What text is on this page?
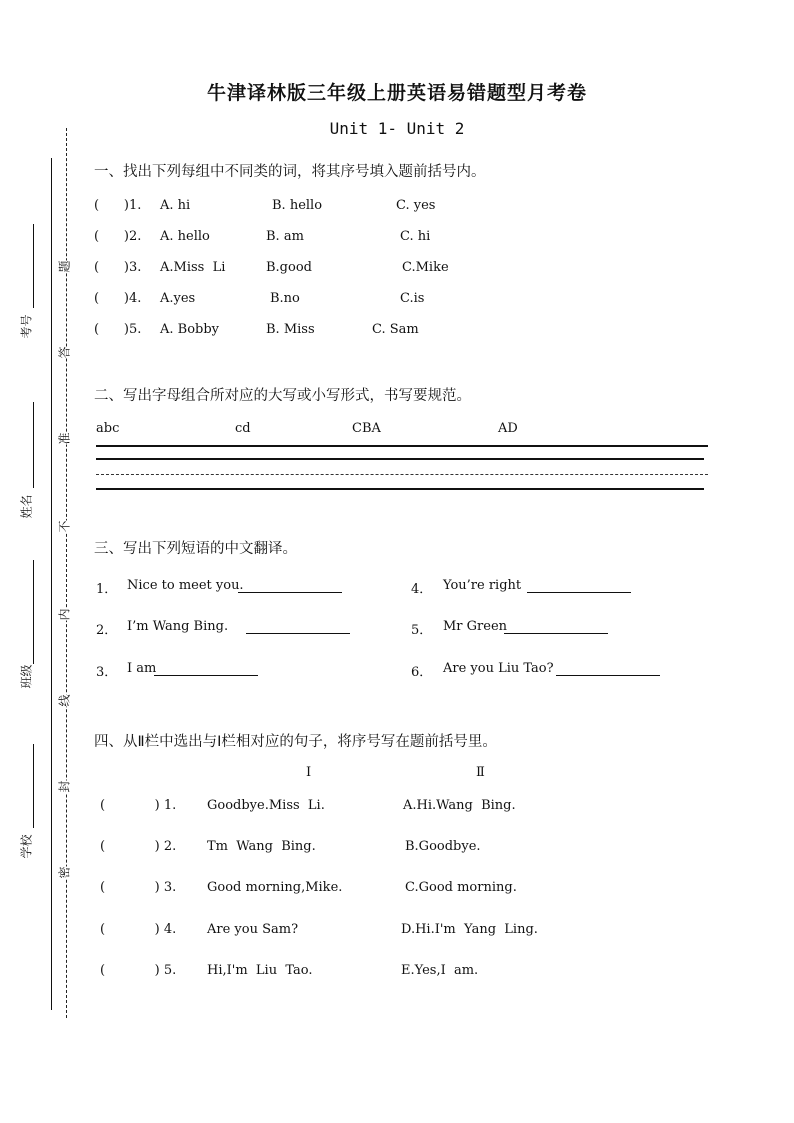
牛津译林版三年级上册英语易错题型月考卷
Unit 1- Unit 2
考号
姓名
班级
学校
题
答
准
不
内
线
封
密
一、找出下列每组中不同类的词，将其序号填入题前括号内。
(      )1. A. hi	B. hello	C. yes
(      )2. A. hello	B. am	C. hi
(      )3. A.Miss  Li	B.good	C.Mike
(      )4. A.yes	B.no	C.is
(      )5. A. Bobby	B. Miss	C. Sam
二、写出字母组合所对应的大写或小写形式，书写要规范。
abc	cd	CBA	AD
三、写出下列短语的中文翻译。
1． Nice to meet you.	4． You’re right
2． I’m Wang Bing.	5． Mr Green
3． I am	6． Are you Liu Tao?
四、从Ⅱ栏中选出与Ⅰ栏相对应的句子，将序号写在题前括号里。
Ⅰ	Ⅱ
(            ) 1. Goodbye.Miss  Li.	A.Hi.Wang  Bing.
(            ) 2. Tm  Wang  Bing.	B.Goodbye.
(            ) 3. Good morning,Mike.	C.Good morning.
(            ) 4. Are you Sam?	D.Hi.I'm  Yang  Ling.
(            ) 5. Hi,I'm  Liu  Tao.	E.Yes,I  am.
